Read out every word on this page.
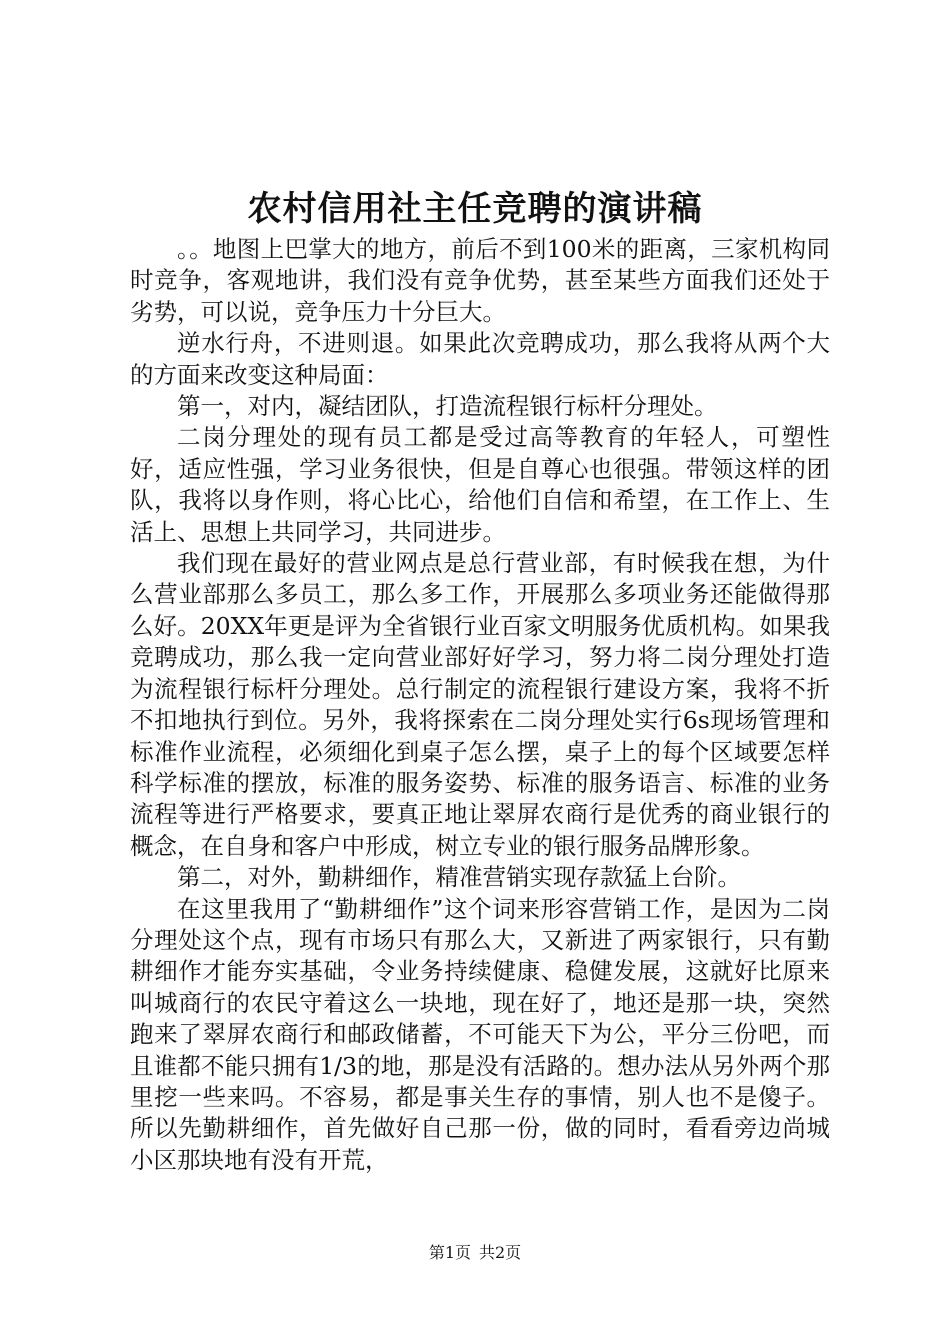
农村信用社主任竞聘的演讲稿

。。地图上巴掌大的地方，前后不到100米的距离，三家机构同时竞争，客观地讲，我们没有竞争优势，甚至某些方面我们还处于劣势，可以说，竞争压力十分巨大。

逆水行舟，不进则退。如果此次竞聘成功，那么我将从两个大的方面来改变这种局面：

第一，对内，凝结团队，打造流程银行标杆分理处。

二岗分理处的现有员工都是受过高等教育的年轻人，可塑性好，适应性强，学习业务很快，但是自尊心也很强。带领这样的团队，我将以身作则，将心比心，给他们自信和希望，在工作上、生活上、思想上共同学习，共同进步。

我们现在最好的营业网点是总行营业部，有时候我在想，为什么营业部那么多员工，那么多工作，开展那么多项业务还能做得那么好。20XX年更是评为全省银行业百家文明服务优质机构。如果我竞聘成功，那么我一定向营业部好好学习，努力将二岗分理处打造为流程银行标杆分理处。总行制定的流程银行建设方案，我将不折不扣地执行到位。另外，我将探索在二岗分理处实行6s现场管理和标准作业流程，必须细化到桌子怎么摆，桌子上的每个区域要怎样科学标准的摆放，标准的服务姿势、标准的服务语言、标准的业务流程等进行严格要求，要真正地让翠屏农商行是优秀的商业银行的概念，在自身和客户中形成，树立专业的银行服务品牌形象。

第二，对外，勤耕细作，精准营销实现存款猛上台阶。

在这里我用了“勤耕细作”这个词来形容营销工作，是因为二岗分理处这个点，现有市场只有那么大，又新进了两家银行，只有勤耕细作才能夯实基础，令业务持续健康、稳健发展，这就好比原来叫城商行的农民守着这么一块地，现在好了，地还是那一块，突然跑来了翠屏农商行和邮政储蓄，不可能天下为公，平分三份吧，而且谁都不能只拥有1/3的地，那是没有活路的。想办法从另外两个那里挖一些来吗。不容易，都是事关生存的事情，别人也不是傻子。所以先勤耕细作，首先做好自己那一份，做的同时，看看旁边尚城小区那块地有没有开荒，

第1页 共2页
